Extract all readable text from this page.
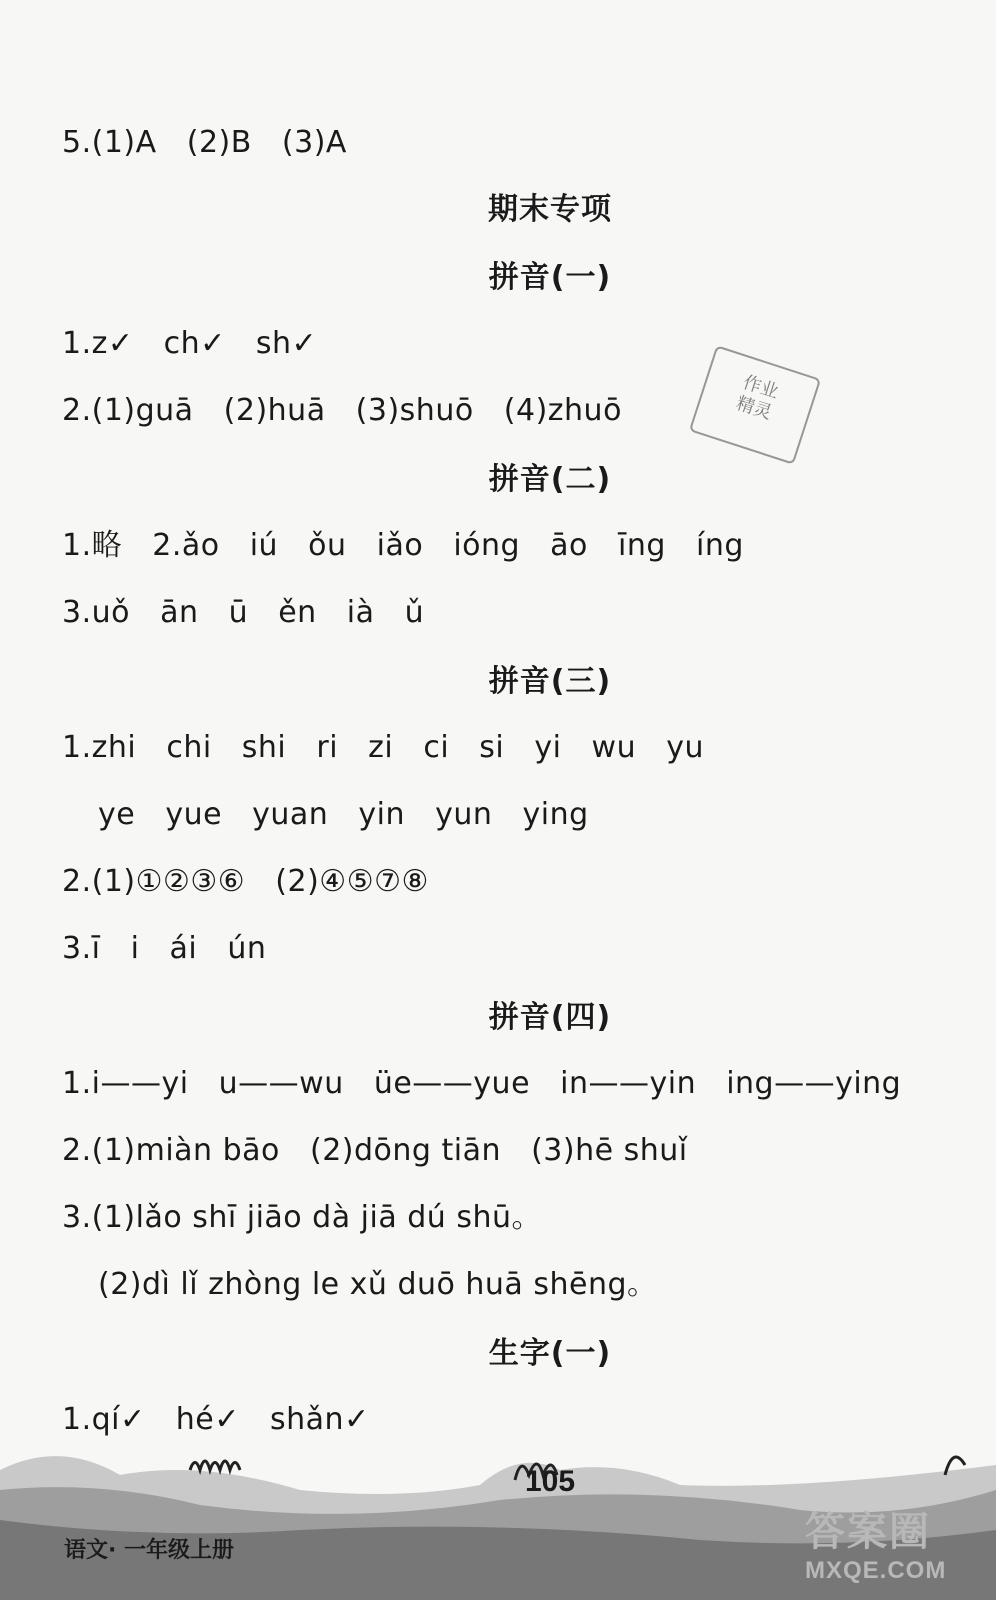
5.(1)A   (2)B   (3)A
期末专项
拼音(一)
1.z✓   ch✓   sh✓
2.(1)guā   (2)huā   (3)shuō   (4)zhuō
拼音(二)
1.略   2.ǎo   iú   ǒu   iǎo   ióng   āo   īng   íng
3.uǒ   ān   ū   ěn   ià   ǔ
拼音(三)
1.zhi   chi   shi   ri   zi   ci   si   yi   wu   yu
ye   yue   yuan   yin   yun   ying
2.(1)①②③⑥   (2)④⑤⑦⑧
3.ī   i   ái   ún
拼音(四)
1.i——yi   u——wu   üe——yue   in——yin   ing——ying
2.(1)miàn bāo   (2)dōng tiān   (3)hē shuǐ
3.(1)lǎo shī jiāo dà jiā dú shū。
(2)dì lǐ zhòng le xǔ duō huā shēng。
生字(一)
1.qí✓   hé✓   shǎn✓
作业
精灵
105
语文· 一年级上册	答案圈
MXQE.COM
